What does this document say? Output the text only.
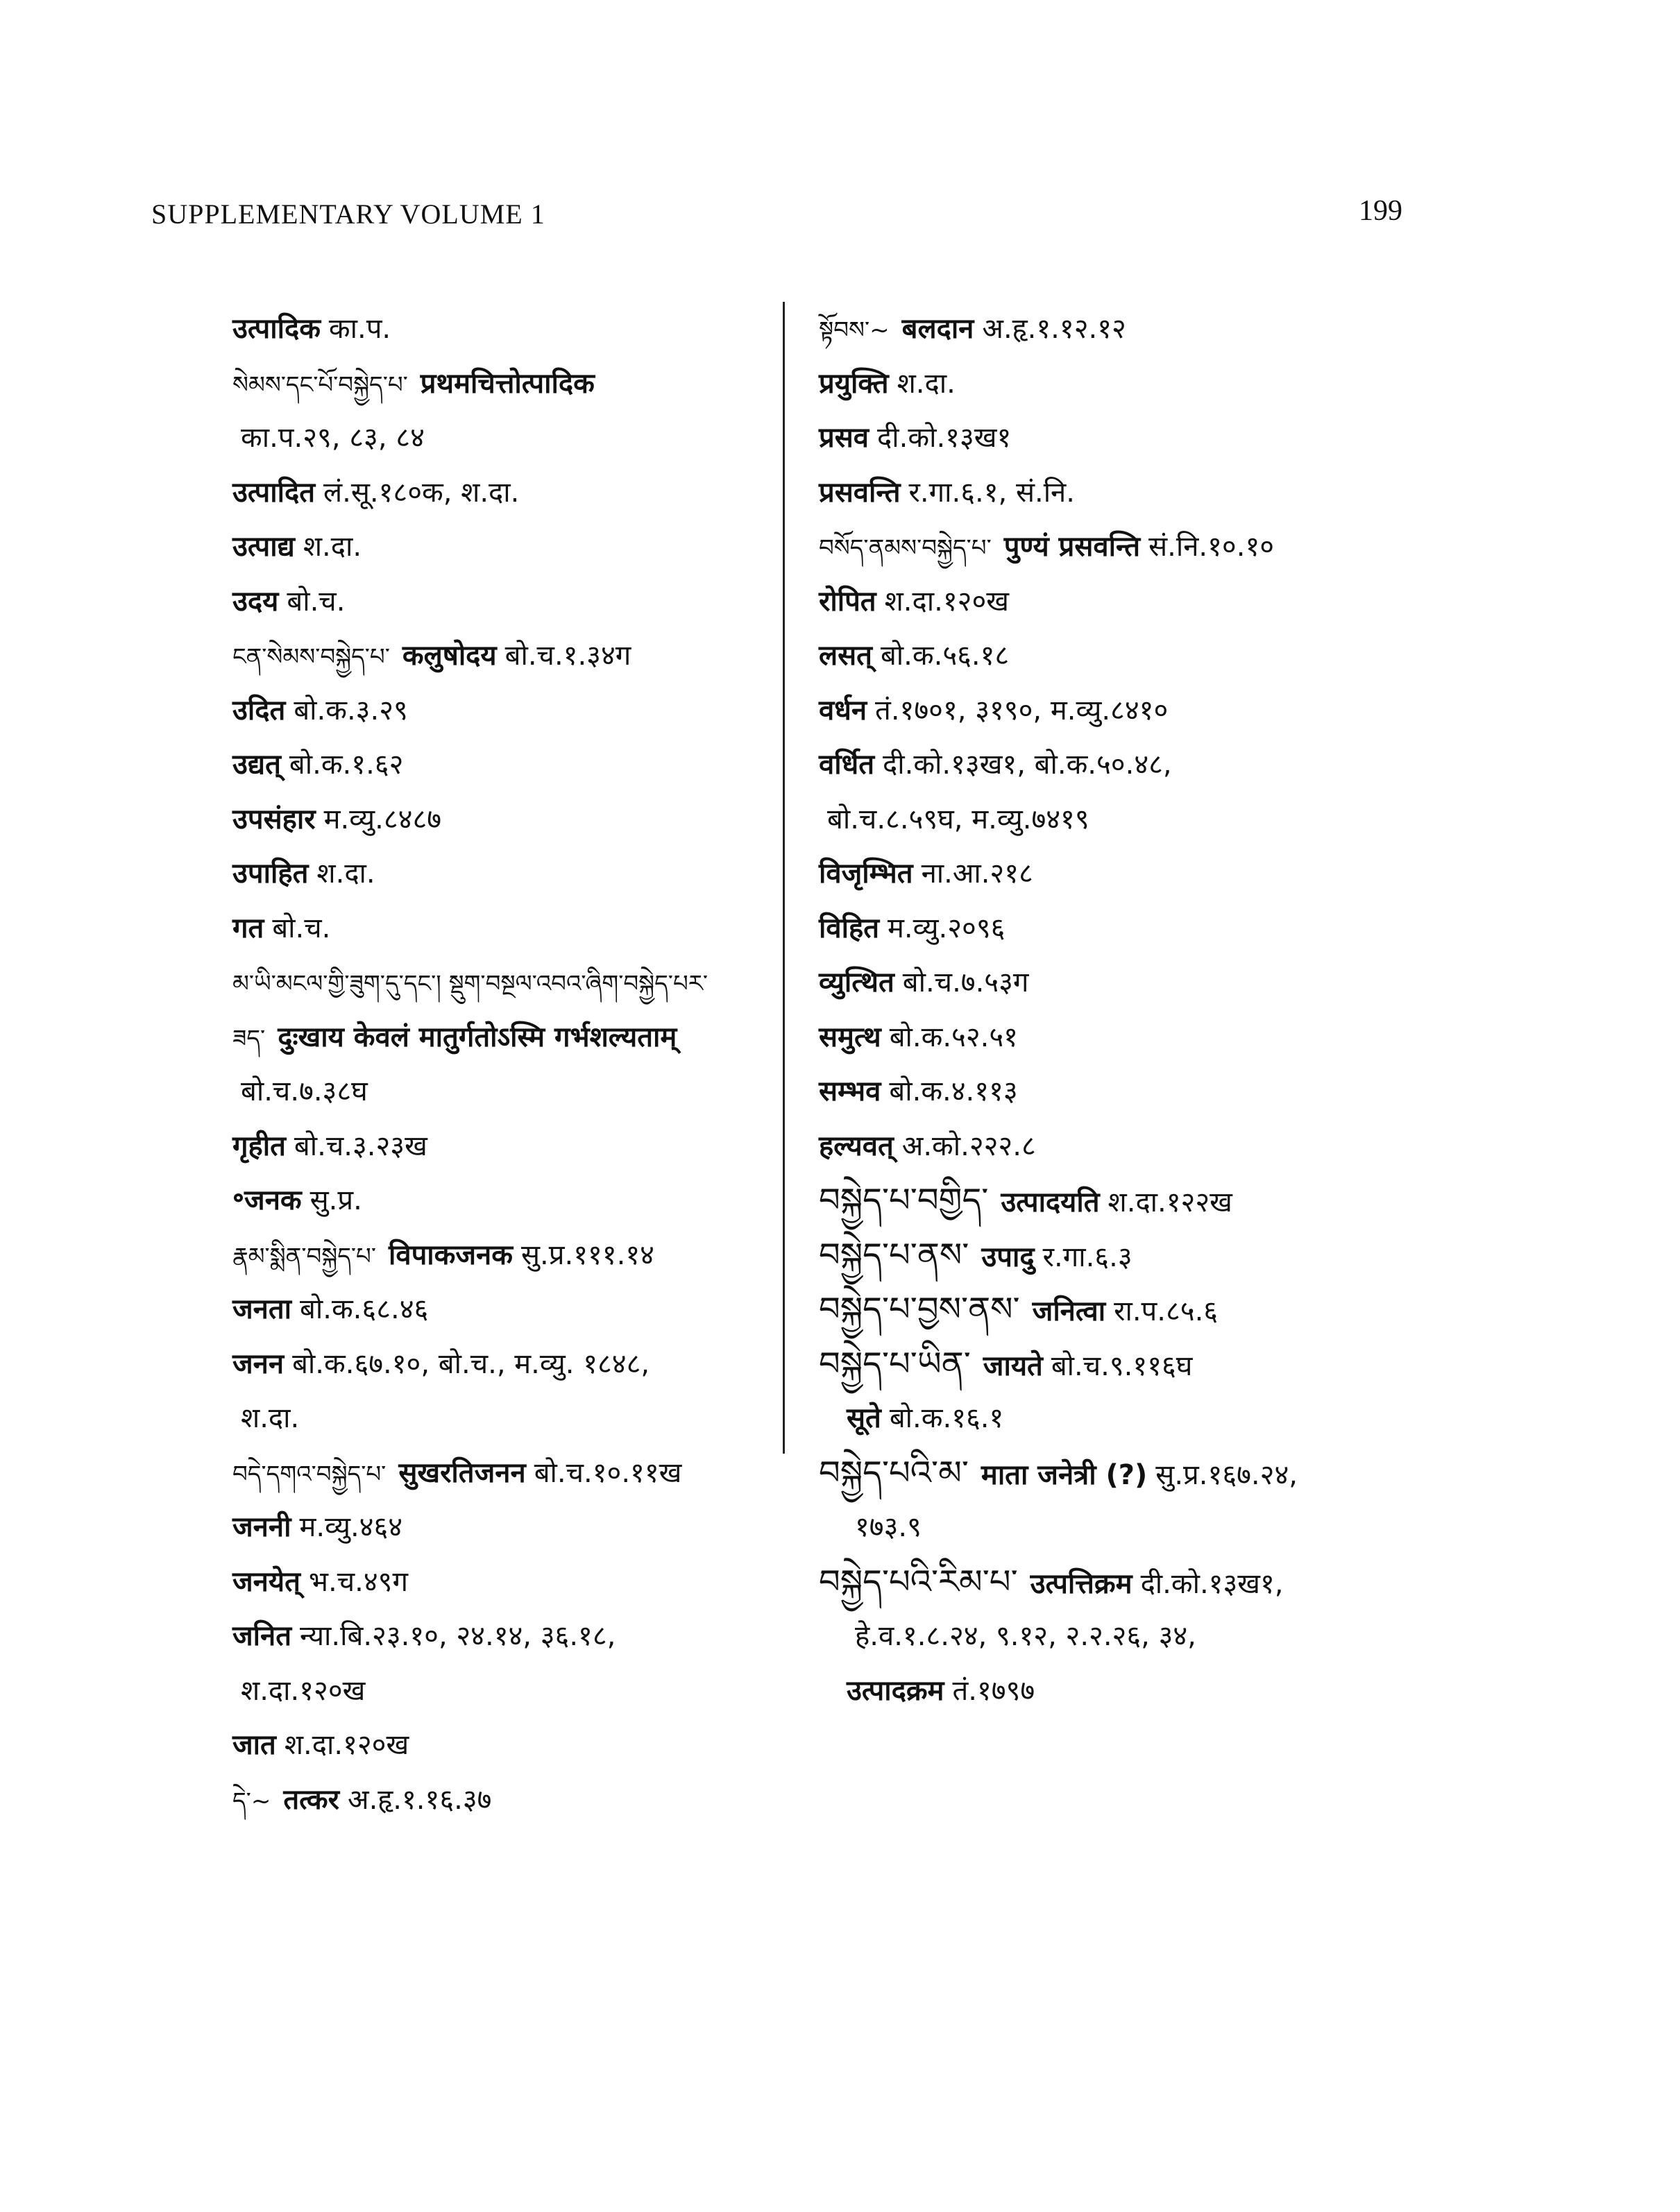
SUPPLEMENTARY VOLUME 1	199
उत्पादिक का.प.
སེམས་དང་པོ་བསྐྱེད་པ་ प्रथमचित्तोत्पादिक
का.प.२९, ८३, ८४
उत्पादित लं.सू.१८०क, श.दा.
उत्पाद्य श.दा.
उदय बो.च.
ངན་སེམས་བསྐྱེད་པ་ कलुषोदय बो.च.१.३४ग
उदित बो.क.३.२९
उद्यत् बो.क.१.६२
उपसंहार म.व्यु.८४८७
उपाहित श.दा.
गत बो.च.
མ་ཡི་མངལ་གྱི་ཟུག་དུ་དང་། སྡུག་བསྔལ་འབའ་ཞིག་བསྐྱེད་པར་
ཟད་ दुःखाय केवलं मातुर्गतोऽस्मि गर्भशल्यताम्
बो.च.७.३८घ
गृहीत बो.च.३.२३ख
॰जनक सु.प्र.
རྣམ་སྨིན་བསྐྱེད་པ་ विपाकजनक सु.प्र.१११.१४
जनता बो.क.६८.४६
जनन बो.क.६७.१०, बो.च., म.व्यु. १८४८,
श.दा.
བདེ་དགའ་བསྐྱེད་པ་ सुखरतिजनन बो.च.१०.११ख
जननी म.व्यु.४६४
जनयेत् भ.च.४९ग
जनित न्या.बि.२३.१०, २४.१४, ३६.१८,
श.दा.१२०ख
जात श.दा.१२०ख
དེ་~ तत्कर अ.हृ.१.१६.३७
སྟོབས་~ बलदान अ.हृ.१.१२.१२
प्रयुक्ति श.दा.
प्रसव दी.को.१३ख१
प्रसवन्ति र.गा.६.१, सं.नि.
བསོད་ནམས་བསྐྱེད་པ་ पुण्यं प्रसवन्ति सं.नि.१०.१०
रोपित श.दा.१२०ख
लसत् बो.क.५६.१८
वर्धन तं.१७०१, ३१९०, म.व्यु.८४१०
वर्धित दी.को.१३ख१, बो.क.५०.४८,
बो.च.८.५९घ, म.व्यु.७४१९
विजृम्भित ना.आ.२१८
विहित म.व्यु.२०९६
व्युत्थित बो.च.७.५३ग
समुत्थ बो.क.५२.५१
सम्भव बो.क.४.११३
हल्यवत् अ.को.२२२.८
བསྐྱེད་པ་བགྱིད་ उत्पादयति श.दा.१२२ख
བསྐྱེད་པ་ནས་ उपादु र.गा.६.३
བསྐྱེད་པ་བྱས་ནས་ जनित्वा रा.प.८५.६
བསྐྱེད་པ་ཡིན་ जायते बो.च.९.११६घ
सूते बो.क.१६.१
བསྐྱེད་པའི་མ་ माता जनेत्री (?) सु.प्र.१६७.२४,
१७३.९
བསྐྱེད་པའི་རིམ་པ་ उत्पत्तिक्रम दी.को.१३ख१,
हे.व.१.८.२४, ९.१२, २.२.२६, ३४,
उत्पादक्रम तं.१७९७
